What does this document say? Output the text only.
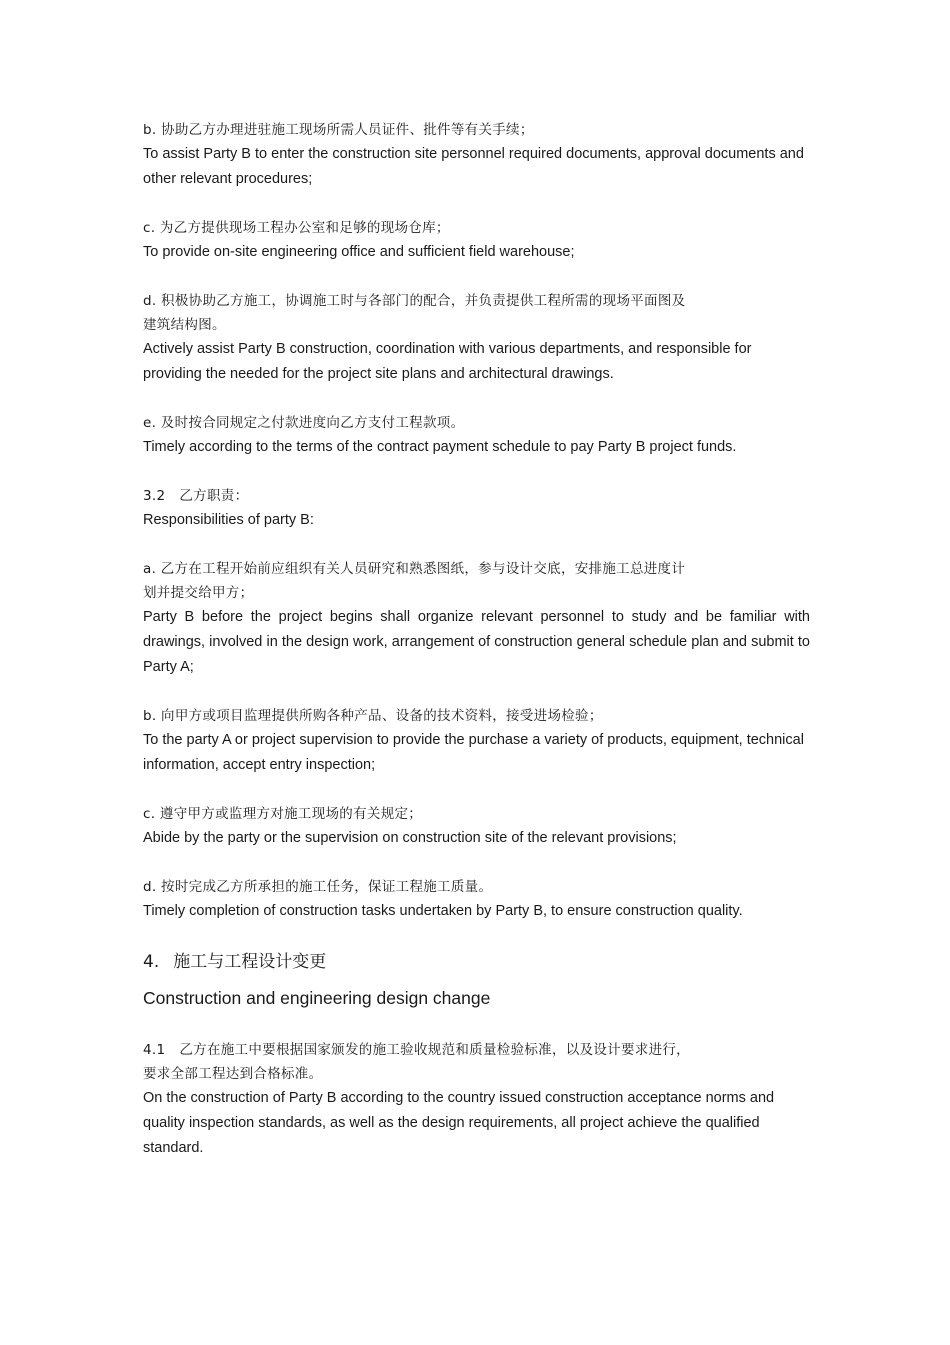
b. 协助乙方办理进驻施工现场所需人员证件、批件等有关手续；
To assist Party B to enter the construction site personnel required documents, approval documents and other relevant procedures;
c. 为乙方提供现场工程办公室和足够的现场仓库；
To provide on-site engineering office and sufficient field warehouse;
d. 积极协助乙方施工，协调施工时与各部门的配合，并负责提供工程所需的现场平面图及
建筑结构图。
Actively assist Party B construction, coordination with various departments, and responsible for providing the needed for the project site plans and architectural drawings.
e. 及时按合同规定之付款进度向乙方支付工程款项。
Timely according to the terms of the contract payment schedule to pay Party B project funds.
3.2 乙方职责：
Responsibilities of party B:
a. 乙方在工程开始前应组织有关人员研究和熟悉图纸，参与设计交底，安排施工总进度计
划并提交给甲方；
Party B before the project begins shall organize relevant personnel to study and be familiar with drawings, involved in the design work, arrangement of construction general schedule plan and submit to Party A;
b. 向甲方或项目监理提供所购各种产品、设备的技术资料，接受进场检验；
To the party A or project supervision to provide the purchase a variety of products, equipment, technical information, accept entry inspection;
c. 遵守甲方或监理方对施工现场的有关规定；
Abide by the party or the supervision on construction site of the relevant provisions;
d. 按时完成乙方所承担的施工任务，保证工程施工质量。
Timely completion of construction tasks undertaken by Party B, to ensure construction quality.
4. 施工与工程设计变更
Construction and engineering design change
4.1 乙方在施工中要根据国家颁发的施工验收规范和质量检验标准，以及设计要求进行，
要求全部工程达到合格标准。
On the construction of Party B according to the country issued construction acceptance norms and quality inspection standards, as well as the design requirements, all project achieve the qualified standard.
